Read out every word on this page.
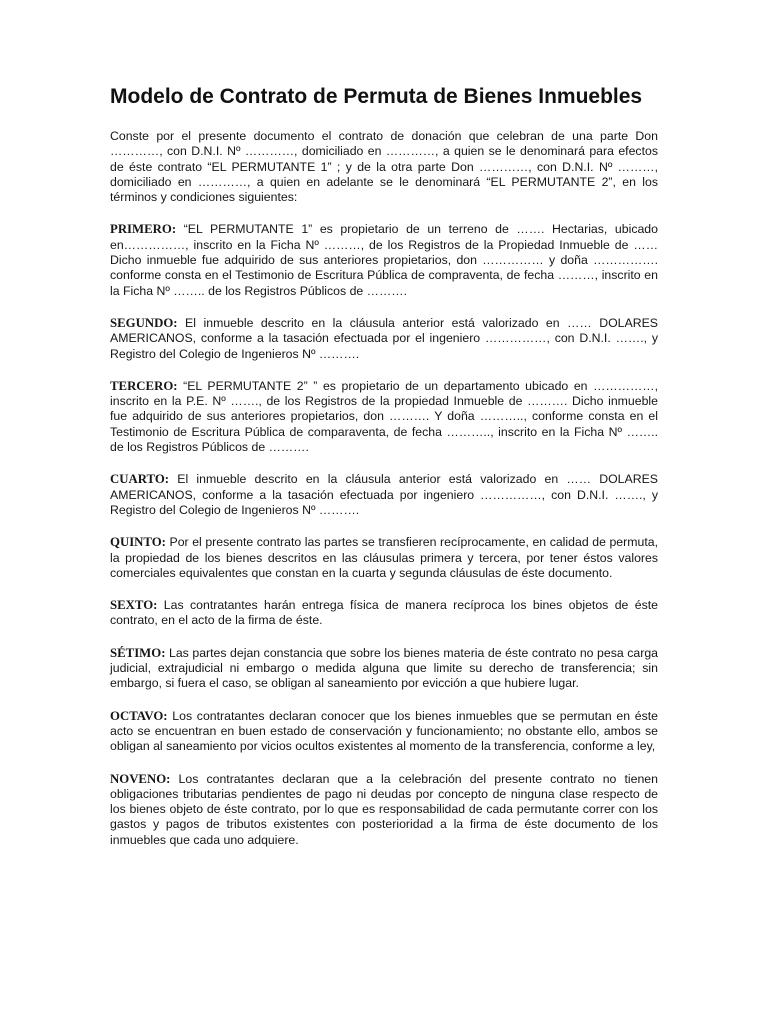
Modelo de Contrato de Permuta de Bienes Inmuebles

Conste por el presente documento el contrato de donación que celebran de una parte Don …………, con D.N.I. Nº …………, domiciliado en …………, a quien se le denominará para efectos de éste contrato “EL PERMUTANTE 1” ; y de la otra parte Don …………, con D.N.I. Nº ………, domiciliado en …………, a quien en adelante se le denominará “EL PERMUTANTE 2”, en los términos y condiciones siguientes:

PRIMERO: “EL PERMUTANTE 1” es propietario de un terreno de ……. Hectarias, ubicado en……………, inscrito en la Ficha Nº ………, de los Registros de la Propiedad Inmueble de …… Dicho inmueble fue adquirido de sus anteriores propietarios, don …………… y doña ……………. conforme consta en el Testimonio de Escritura Pública de compraventa, de fecha ………, inscrito en la Ficha Nº …….. de los Registros Públicos de ……….

SEGUNDO: El inmueble descrito en la cláusula anterior está valorizado en …… DOLARES AMERICANOS, conforme a la tasación efectuada por el ingeniero ……………, con D.N.I. ……., y Registro del Colegio de Ingenieros Nº ……….

TERCERO: “EL PERMUTANTE 2” ” es propietario de un departamento ubicado en ……………, inscrito en la P.E. Nº ……., de los Registros de la propiedad Inmueble de ………. Dicho inmueble fue adquirido de sus anteriores propietarios, don ………. Y doña ……….., conforme consta en el Testimonio de Escritura Pública de comparaventa, de fecha ……….., inscrito en la Ficha Nº …….. de los Registros Públicos de ……….

CUARTO: El inmueble descrito en la cláusula anterior está valorizado en …… DOLARES AMERICANOS, conforme a la tasación efectuada por ingeniero ……………, con D.N.I. ……., y Registro del Colegio de Ingenieros Nº ……….

QUINTO: Por el presente contrato las partes se transfieren recíprocamente, en calidad de permuta, la propiedad de los bienes descritos en las cláusulas primera y tercera, por tener éstos valores comerciales equivalentes que constan en la cuarta y segunda cláusulas de éste documento.

SEXTO: Las contratantes harán entrega física de manera recíproca los bines objetos de éste contrato, en el acto de la firma de éste.

SÉTIMO: Las partes dejan constancia que sobre los bienes materia de éste contrato no pesa carga judicial, extrajudicial ni embargo o medida alguna que limite su derecho de transferencia; sin embargo, si fuera el caso, se obligan al saneamiento por evicción a que hubiere lugar.

OCTAVO: Los contratantes declaran conocer que los bienes inmuebles que se permutan en éste acto se encuentran en buen estado de conservación y funcionamiento; no obstante ello, ambos se obligan al saneamiento por vicios ocultos existentes al momento de la transferencia, conforme a ley,

NOVENO: Los contratantes declaran que a la celebración del presente contrato no tienen obligaciones tributarias pendientes de pago ni deudas por concepto de ninguna clase respecto de los bienes objeto de éste contrato, por lo que es responsabilidad de cada permutante correr con los gastos y pagos de tributos existentes con posterioridad a la firma de éste documento de los inmuebles que cada uno adquiere.
